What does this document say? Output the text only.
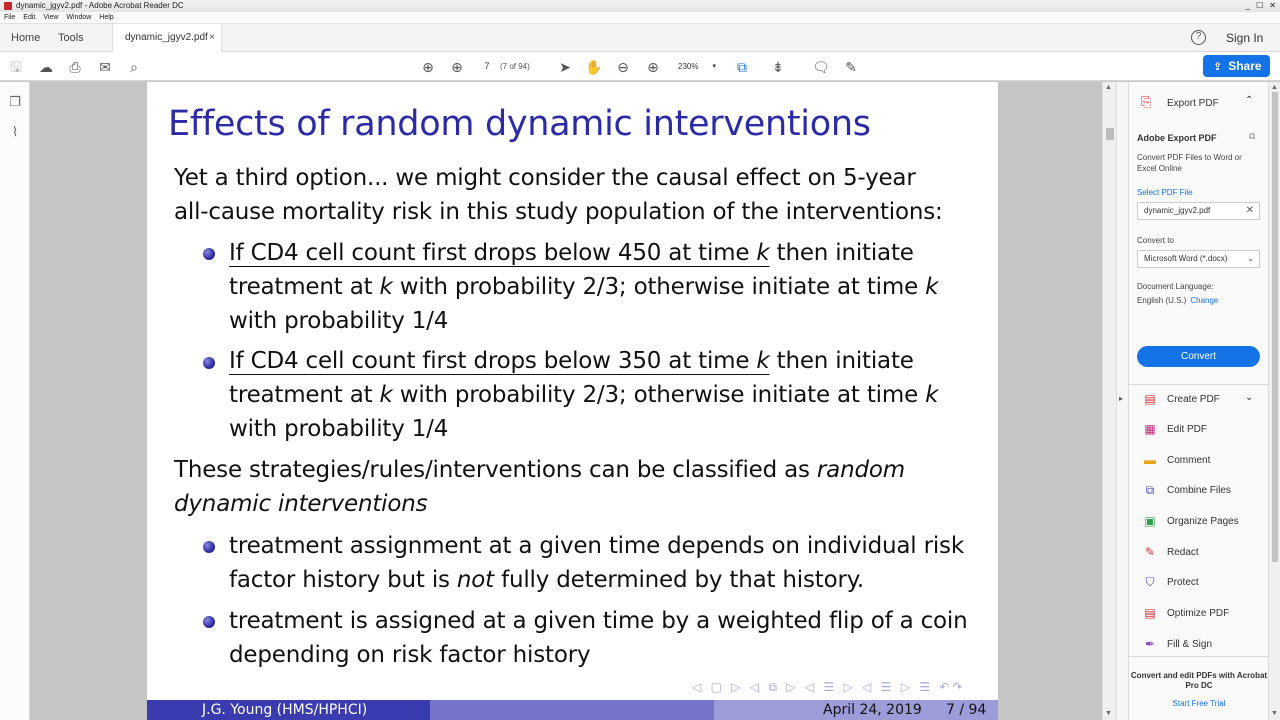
dynamic_jgyv2.pdf - Adobe Acrobat Reader DC	_ ☐ ✕
File Edit View Window Help
Home Tools	dynamic_jgyv2.pdf ×	?	Sign In
🖫 ☁ ⎙ ✉	⌕	⊕ ⊕	7	(7 of 94) ➤ ✋ ⊖ ⊕	230% ▾ ⧉ ⇟ 🗨 ✎	⇪ Share
❐
⌇	Effects of random dynamic interventions
Yet a third option... we might consider the causal effect on 5-year
all-cause mortality risk in this study population of the interventions:
If CD4 cell count first drops below 450 at time k then initiate
treatment at k with probability 2/3; otherwise initiate at time k
with probability 1/4
If CD4 cell count first drops below 350 at time k then initiate
treatment at k with probability 2/3; otherwise initiate at time k
with probability 1/4
These strategies/rules/interventions can be classified as random
dynamic interventions
treatment assignment at a given time depends on individual risk
factor history but is not fully determined by that history.
treatment is assigned at a given time by a weighted flip of a coin
depending on risk factor history
◁ ▢ ▷ ◁ ⧉ ▷ ◁ ☰ ▷ ◁ ☰ ▷ ☰ ↶↷
J.G. Young (HMS/HPHCI)	April 24, 2019 7 / 94
▲
▼
▸
⎘ Export PDF	⌃
Adobe Export PDF	⧉
Convert PDF Files to Word or Excel Online
Select PDF File
dynamic_jgyv2.pdf	✕
Convert to
Microsoft Word (*.docx) ⌄
Document Language:
English (U.S.) Change
Convert
▤ Create PDF	⌄
▦ Edit PDF
▬ Comment
⧉ Combine Files
▣ Organize Pages
✎ Redact
⛉ Protect
▤ Optimize PDF
✒ Fill & Sign
Convert and edit PDFs with Acrobat Pro DC
Start Free Trial
▲
▼
